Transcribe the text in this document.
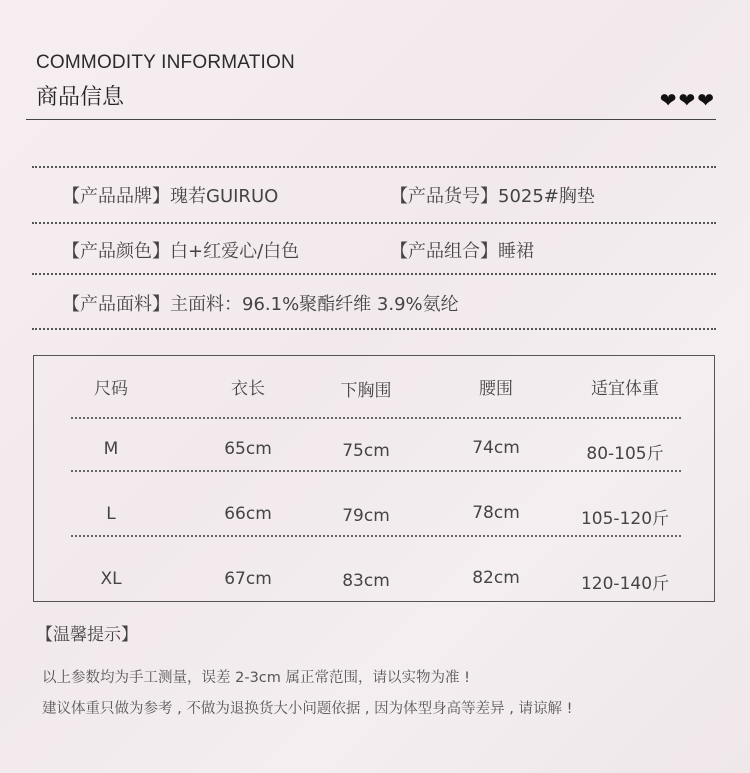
COMMODITY INFORMATION
商品信息	❤❤❤
【产品品牌】瑰若GUIRUO	【产品货号】5025#胸垫
【产品颜色】白+红爱心/白色	【产品组合】睡裙
【产品面料】主面料：96.1%聚酯纤维 3.9%氨纶
尺码	衣长	下胸围	腰围	适宜体重
M	65cm	75cm	74cm	80-105斤
L	66cm	79cm	78cm	105-120斤
XL	67cm	83cm	82cm	120-140斤
【温馨提示】
以上参数均为手工测量，误差 2-3cm 属正常范围，请以实物为准 !
建议体重只做为参考 , 不做为退换货大小问题依据 , 因为体型身高等差异 , 请谅解 !
